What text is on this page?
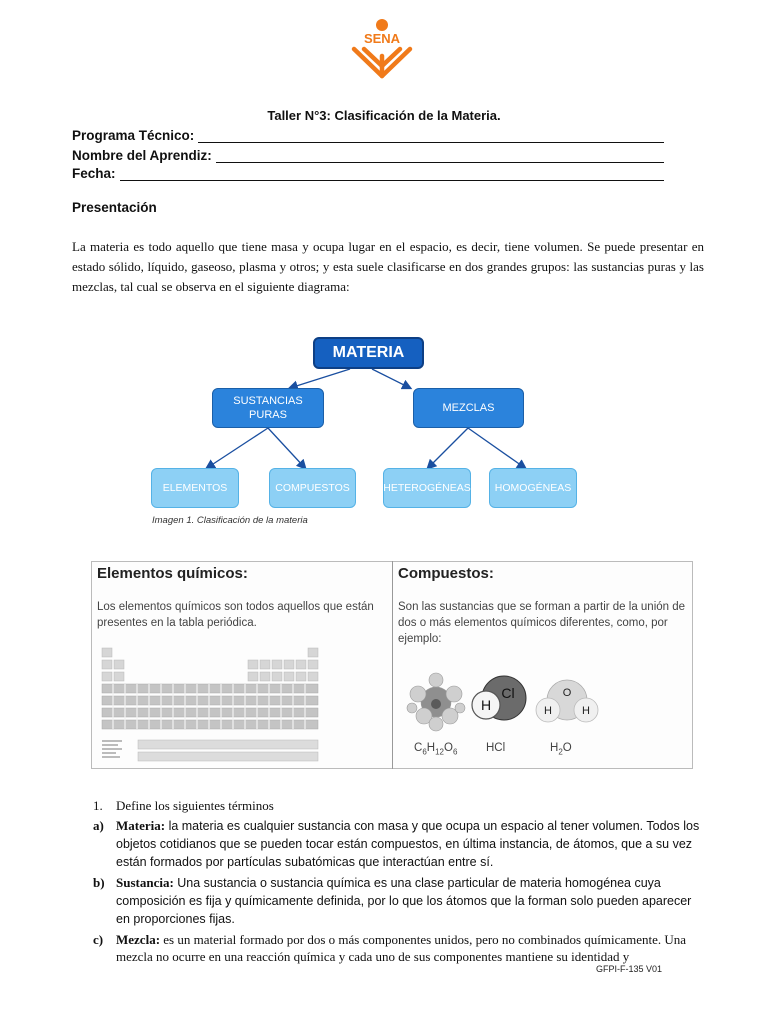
SENA
Taller N°3: Clasificación de la Materia.
Programa Técnico:
Nombre del Aprendiz:
Fecha:
Presentación
La materia es todo aquello que tiene masa y ocupa lugar en el espacio, es decir, tiene volumen. Se puede presentar en estado sólido, líquido, gaseoso, plasma y otros; y esta suele clasificarse en dos grandes grupos: las sustancias puras y las mezclas, tal cual se observa en el siguiente diagrama:
MATERIA
SUSTANCIAS PURAS
MEZCLAS
ELEMENTOS	COMPUESTOS	HETEROGÉNEAS	HOMOGÉNEAS
Imagen 1. Clasificación de la materia
Elementos químicos:
Los elementos químicos son todos aquellos que están presentes en la tabla periódica.
Compuestos:
Son las sustancias que se forman a partir de la unión de dos o más elementos químicos diferentes, como, por ejemplo:
$C_6H_{12}O_6$
H
Cl
HCl
O
H	H
$H_2O$
1. Define los siguientes términos
a) Materia: la materia es cualquier sustancia con masa y que ocupa un espacio al tener volumen. Todos los objetos cotidianos que se pueden tocar están compuestos, en última instancia, de átomos, que a su vez están formados por partículas subatómicas que interactúan entre sí.
b) Sustancia: Una sustancia o sustancia química es una clase particular de materia homogénea cuya composición es fija y químicamente definida, por lo que los átomos que la forman solo pueden aparecer en proporciones fijas.
c) Mezcla: es un material formado por dos o más componentes unidos, pero no combinados químicamente. Una mezcla no ocurre en una reacción química y cada uno de sus componentes mantiene su identidad y
GFPI-F-135 V01
